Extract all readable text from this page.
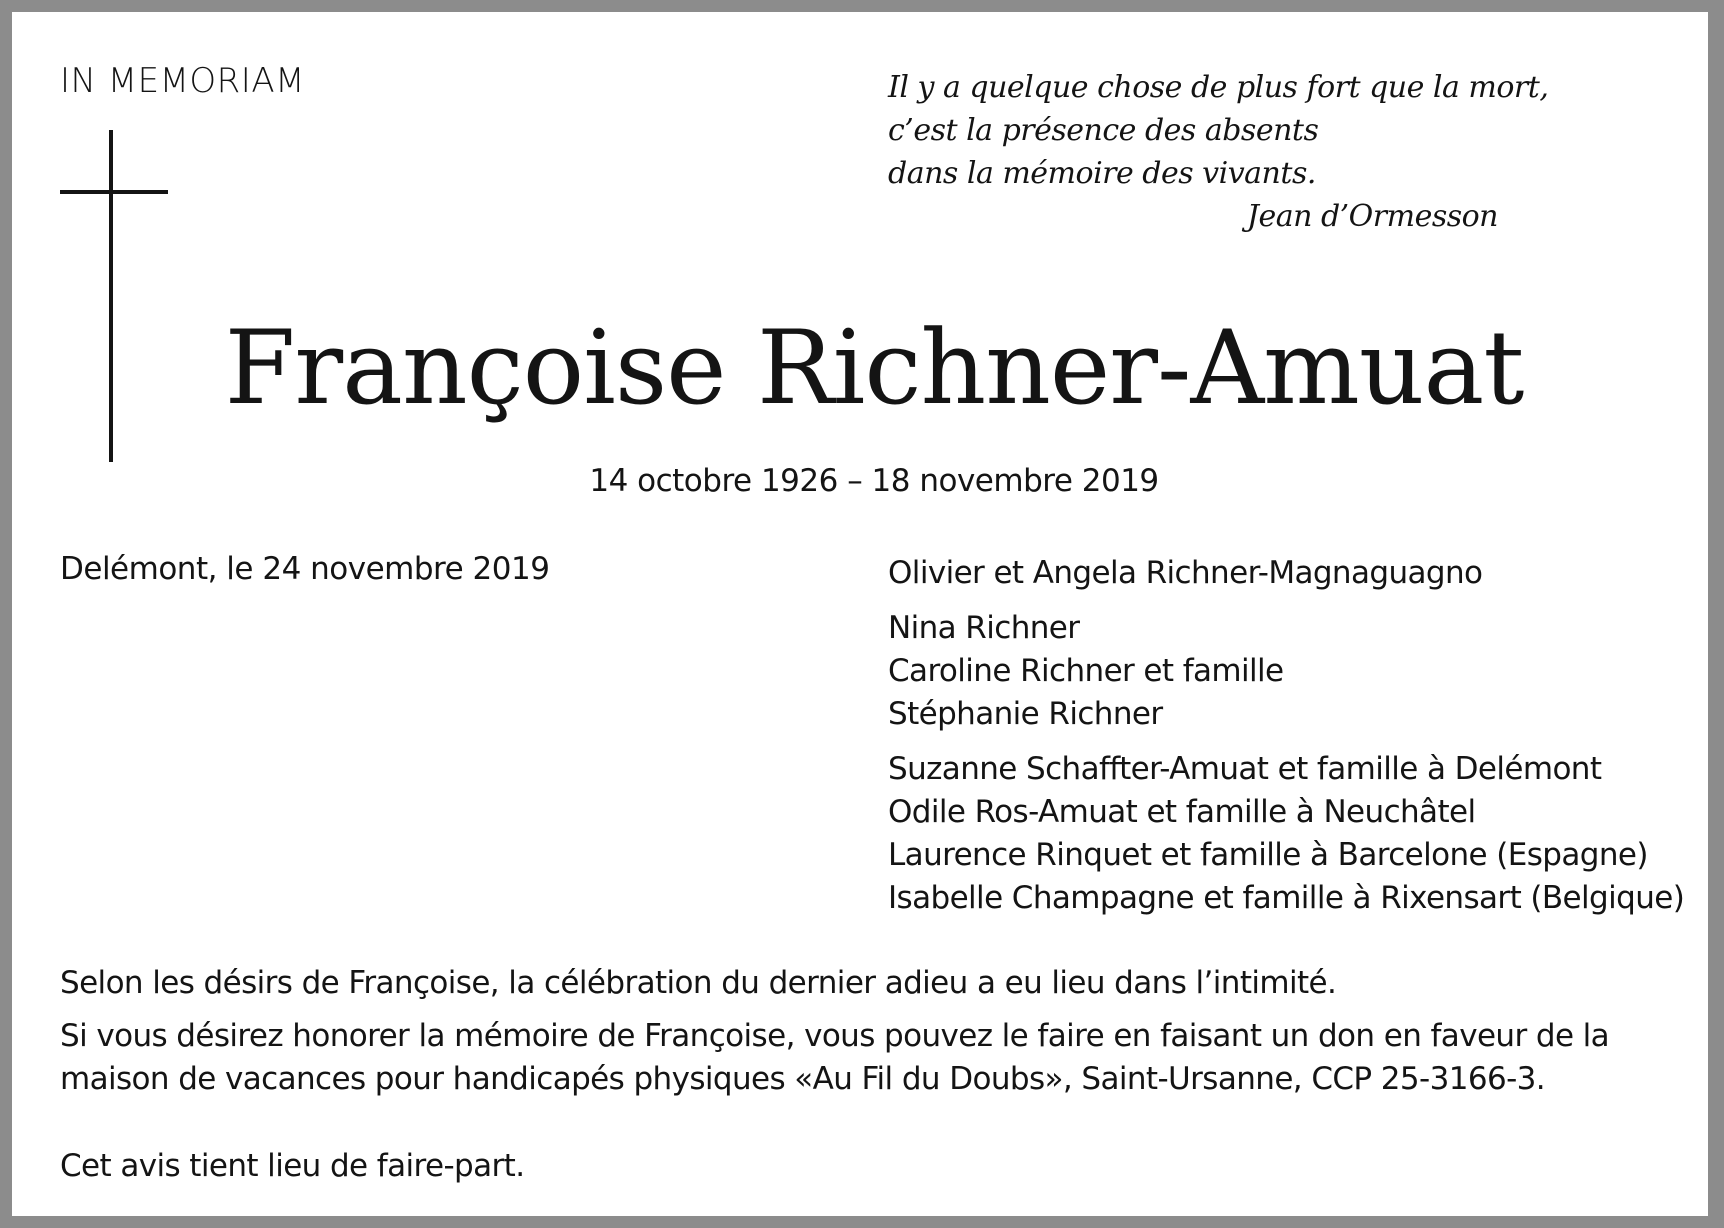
IN MEMORIAM	Il y a quelque chose de plus fort que la mort,
c’est la présence des absents
dans la mémoire des vivants.
Jean d’Ormesson
Françoise Richner-Amuat
14 octobre 1926 – 18 novembre 2019
Delémont, le 24 novembre 2019	Olivier et Angela Richner-Magnaguagno
Nina Richner
Caroline Richner et famille
Stéphanie Richner
Suzanne Schaffter-Amuat et famille à Delémont
Odile Ros-Amuat et famille à Neuchâtel
Laurence Rinquet et famille à Barcelone (Espagne)
Isabelle Champagne et famille à Rixensart (Belgique)

Selon les désirs de Françoise, la célébration du dernier adieu a eu lieu dans l’intimité.

Si vous désirez honorer la mémoire de Françoise, vous pouvez le faire en faisant un don en faveur de la maison de vacances pour handicapés physiques «Au Fil du Doubs», Saint-Ursanne, CCP 25-3166-3.

Cet avis tient lieu de faire-part.
